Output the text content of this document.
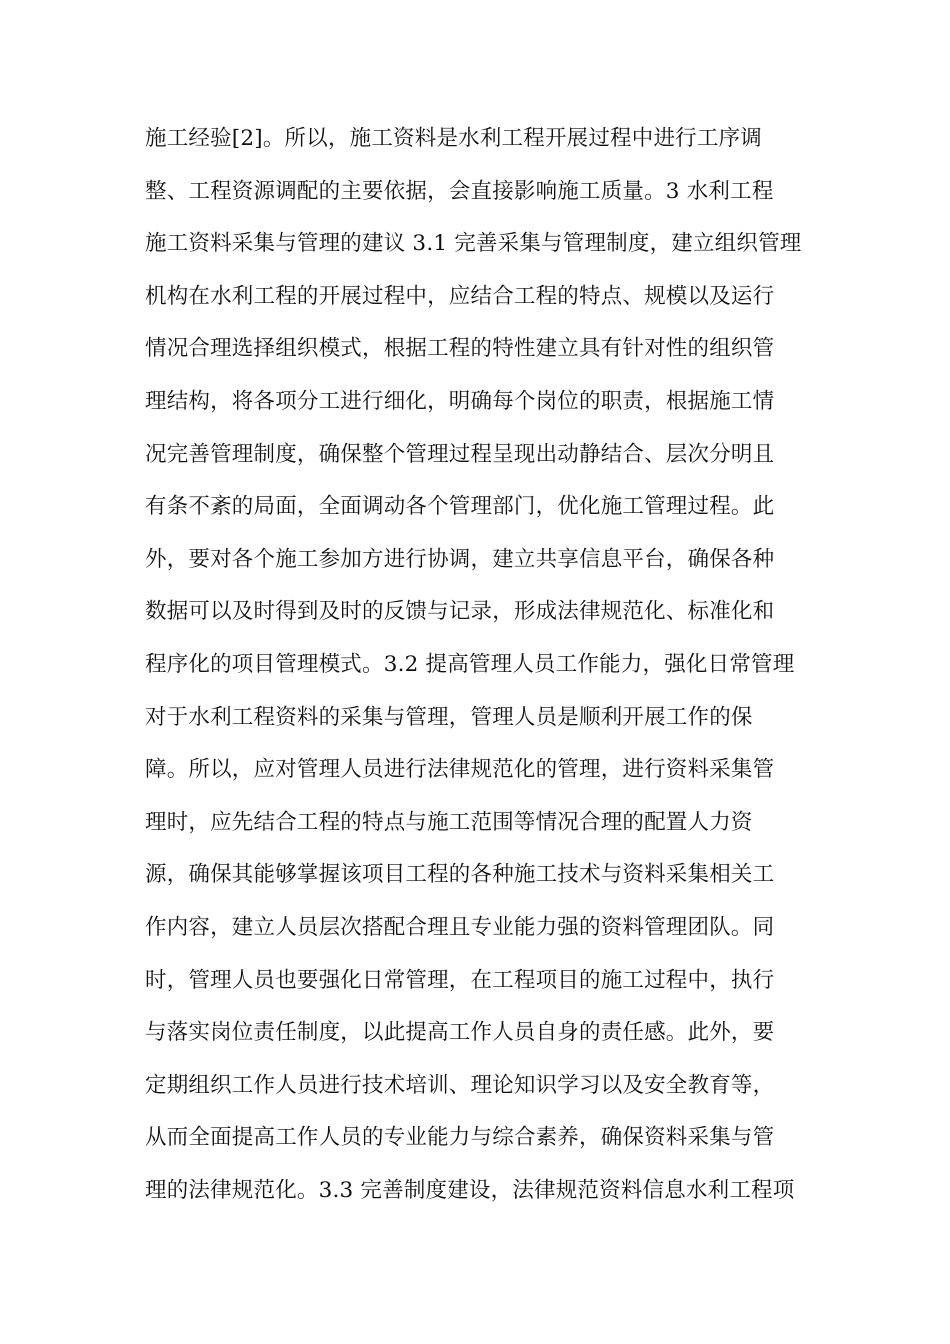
施工经验[2]。所以，施工资料是水利工程开展过程中进行工序调
整、工程资源调配的主要依据，会直接影响施工质量。3 水利工程
施工资料采集与管理的建议 3.1 完善采集与管理制度，建立组织管理
机构在水利工程的开展过程中，应结合工程的特点、规模以及运行
情况合理选择组织模式，根据工程的特性建立具有针对性的组织管
理结构，将各项分工进行细化，明确每个岗位的职责，根据施工情
况完善管理制度，确保整个管理过程呈现出动静结合、层次分明且
有条不紊的局面，全面调动各个管理部门，优化施工管理过程。此
外，要对各个施工参加方进行协调，建立共享信息平台，确保各种
数据可以及时得到及时的反馈与记录，形成法律规范化、标准化和
程序化的项目管理模式。3.2 提高管理人员工作能力，强化日常管理
对于水利工程资料的采集与管理，管理人员是顺利开展工作的保
障。所以，应对管理人员进行法律规范化的管理，进行资料采集管
理时，应先结合工程的特点与施工范围等情况合理的配置人力资
源，确保其能够掌握该项目工程的各种施工技术与资料采集相关工
作内容，建立人员层次搭配合理且专业能力强的资料管理团队。同
时，管理人员也要强化日常管理，在工程项目的施工过程中，执行
与落实岗位责任制度，以此提高工作人员自身的责任感。此外，要
定期组织工作人员进行技术培训、理论知识学习以及安全教育等，
从而全面提高工作人员的专业能力与综合素养，确保资料采集与管
理的法律规范化。3.3 完善制度建设，法律规范资料信息水利工程项
